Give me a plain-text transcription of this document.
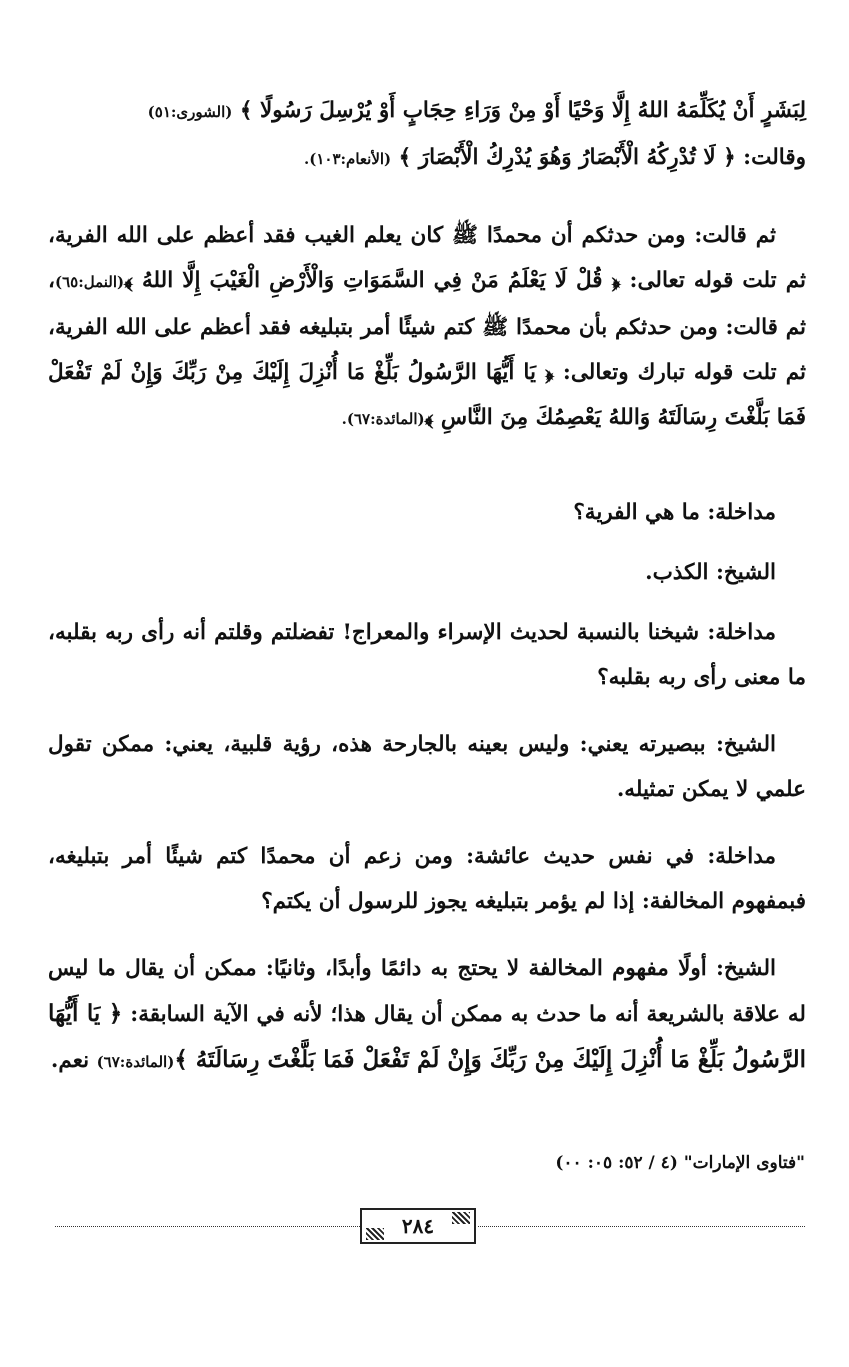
لِبَشَرٍ أَنْ يُكَلِّمَهُ اللهُ إِلَّا وَحْيًا أَوْ مِنْ وَرَاءِ حِجَابٍ أَوْ يُرْسِلَ رَسُولًا ﴾ (الشورى:٥١)
وقالت: ﴿ لَا تُدْرِكُهُ الْأَبْصَارُ وَهُوَ يُدْرِكُ الْأَبْصَارَ ﴾ (الأنعام:١٠٣).

ثم قالت: ومن حدثكم أن محمدًا ﷺ كان يعلم الغيب فقد أعظم على الله الفرية، ثم تلت قوله تعالى: ﴿ قُلْ لَا يَعْلَمُ مَنْ فِي السَّمَوَاتِ وَالْأَرْضِ الْغَيْبَ إِلَّا اللهُ ﴾(النمل:٦٥)، ثم قالت: ومن حدثكم بأن محمدًا ﷺ كتم شيئًا أمر بتبليغه فقد أعظم على الله الفرية، ثم تلت قوله تبارك وتعالى: ﴿ يَا أَيُّهَا الرَّسُولُ بَلِّغْ مَا أُنْزِلَ إِلَيْكَ مِنْ رَبِّكَ وَإِنْ لَمْ تَفْعَلْ فَمَا بَلَّغْتَ رِسَالَتَهُ وَاللهُ يَعْصِمُكَ مِنَ النَّاسِ ﴾(المائدة:٦٧).

مداخلة: ما هي الفرية؟

الشيخ: الكذب.

مداخلة: شيخنا بالنسبة لحديث الإسراء والمعراج! تفضلتم وقلتم أنه رأى ربه بقلبه، ما معنى رأى ربه بقلبه؟

الشيخ: ببصيرته يعني: وليس بعينه بالجارحة هذه، رؤية قلبية، يعني: ممكن تقول علمي لا يمكن تمثيله.

مداخلة: في نفس حديث عائشة: ومن زعم أن محمدًا كتم شيئًا أمر بتبليغه، فبمفهوم المخالفة: إذا لم يؤمر بتبليغه يجوز للرسول أن يكتم؟

الشيخ: أولًا مفهوم المخالفة لا يحتج به دائمًا وأبدًا، وثانيًا: ممكن أن يقال ما ليس له علاقة بالشريعة أنه ما حدث به ممكن أن يقال هذا؛ لأنه في الآية السابقة: ﴿ يَا أَيُّهَا الرَّسُولُ بَلِّغْ مَا أُنْزِلَ إِلَيْكَ مِنْ رَبِّكَ وَإِنْ لَمْ تَفْعَلْ فَمَا بَلَّغْتَ رِسَالَتَهُ ﴾(المائدة:٦٧) نعم.

"فتاوى الإمارات" (٤ / ٥٢: ٠٥: ٠٠)
٢٨٤
